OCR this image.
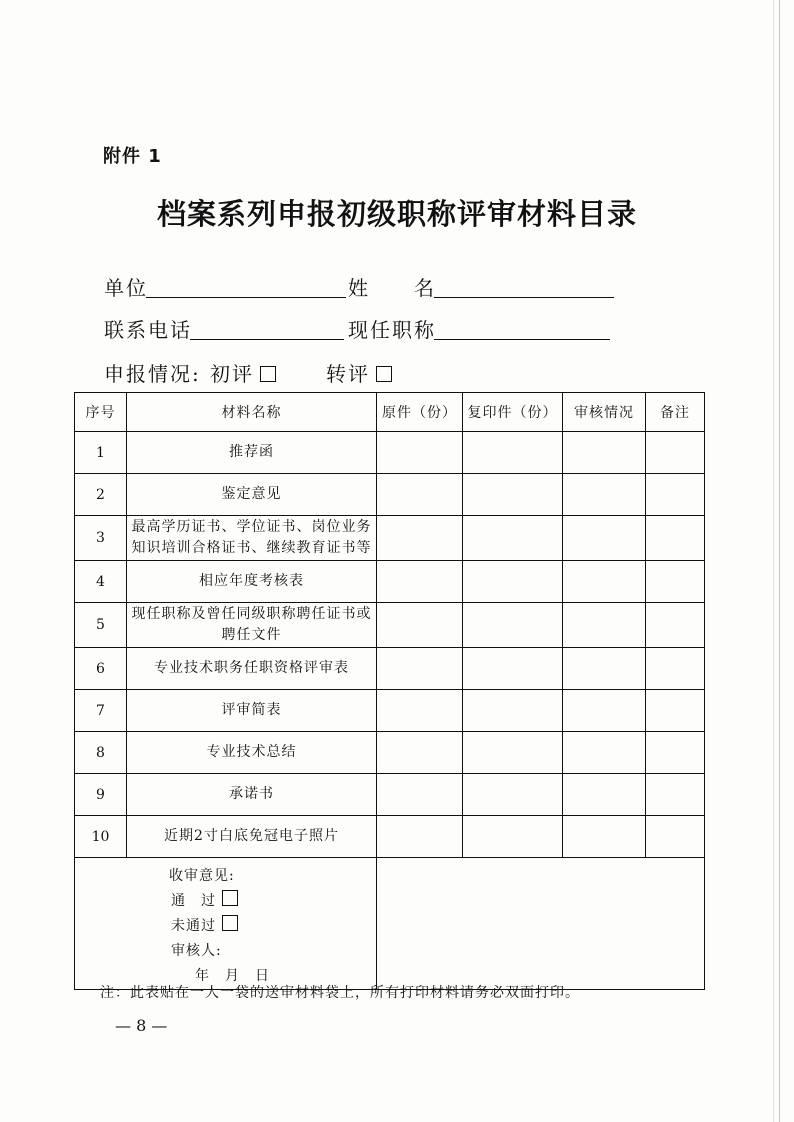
附件 1
档案系列申报初级职称评审材料目录
单位	姓　　名
联系电话	现任职称
申报情况: 初评	转评
序号	材料名称	原件（份）	复印件（份）	审核情况	备注
1	推荐函				
2	鉴定意见				
3	最高学历证书、学位证书、岗位业务知识培训合格证书、继续教育证书等				
4	相应年度考核表				
5	现任职称及曾任同级职称聘任证书或聘任文件				
6	专业技术职务任职资格评审表				
7	评审简表				
8	专业技术总结				
9	承诺书				
10	近期2寸白底免冠电子照片				

收审意见:
通　过
未通过
审核人:
年　月　日					

注：此表贴在一人一袋的送审材料袋上，所有打印材料请务必双面打印。
— 8 —
